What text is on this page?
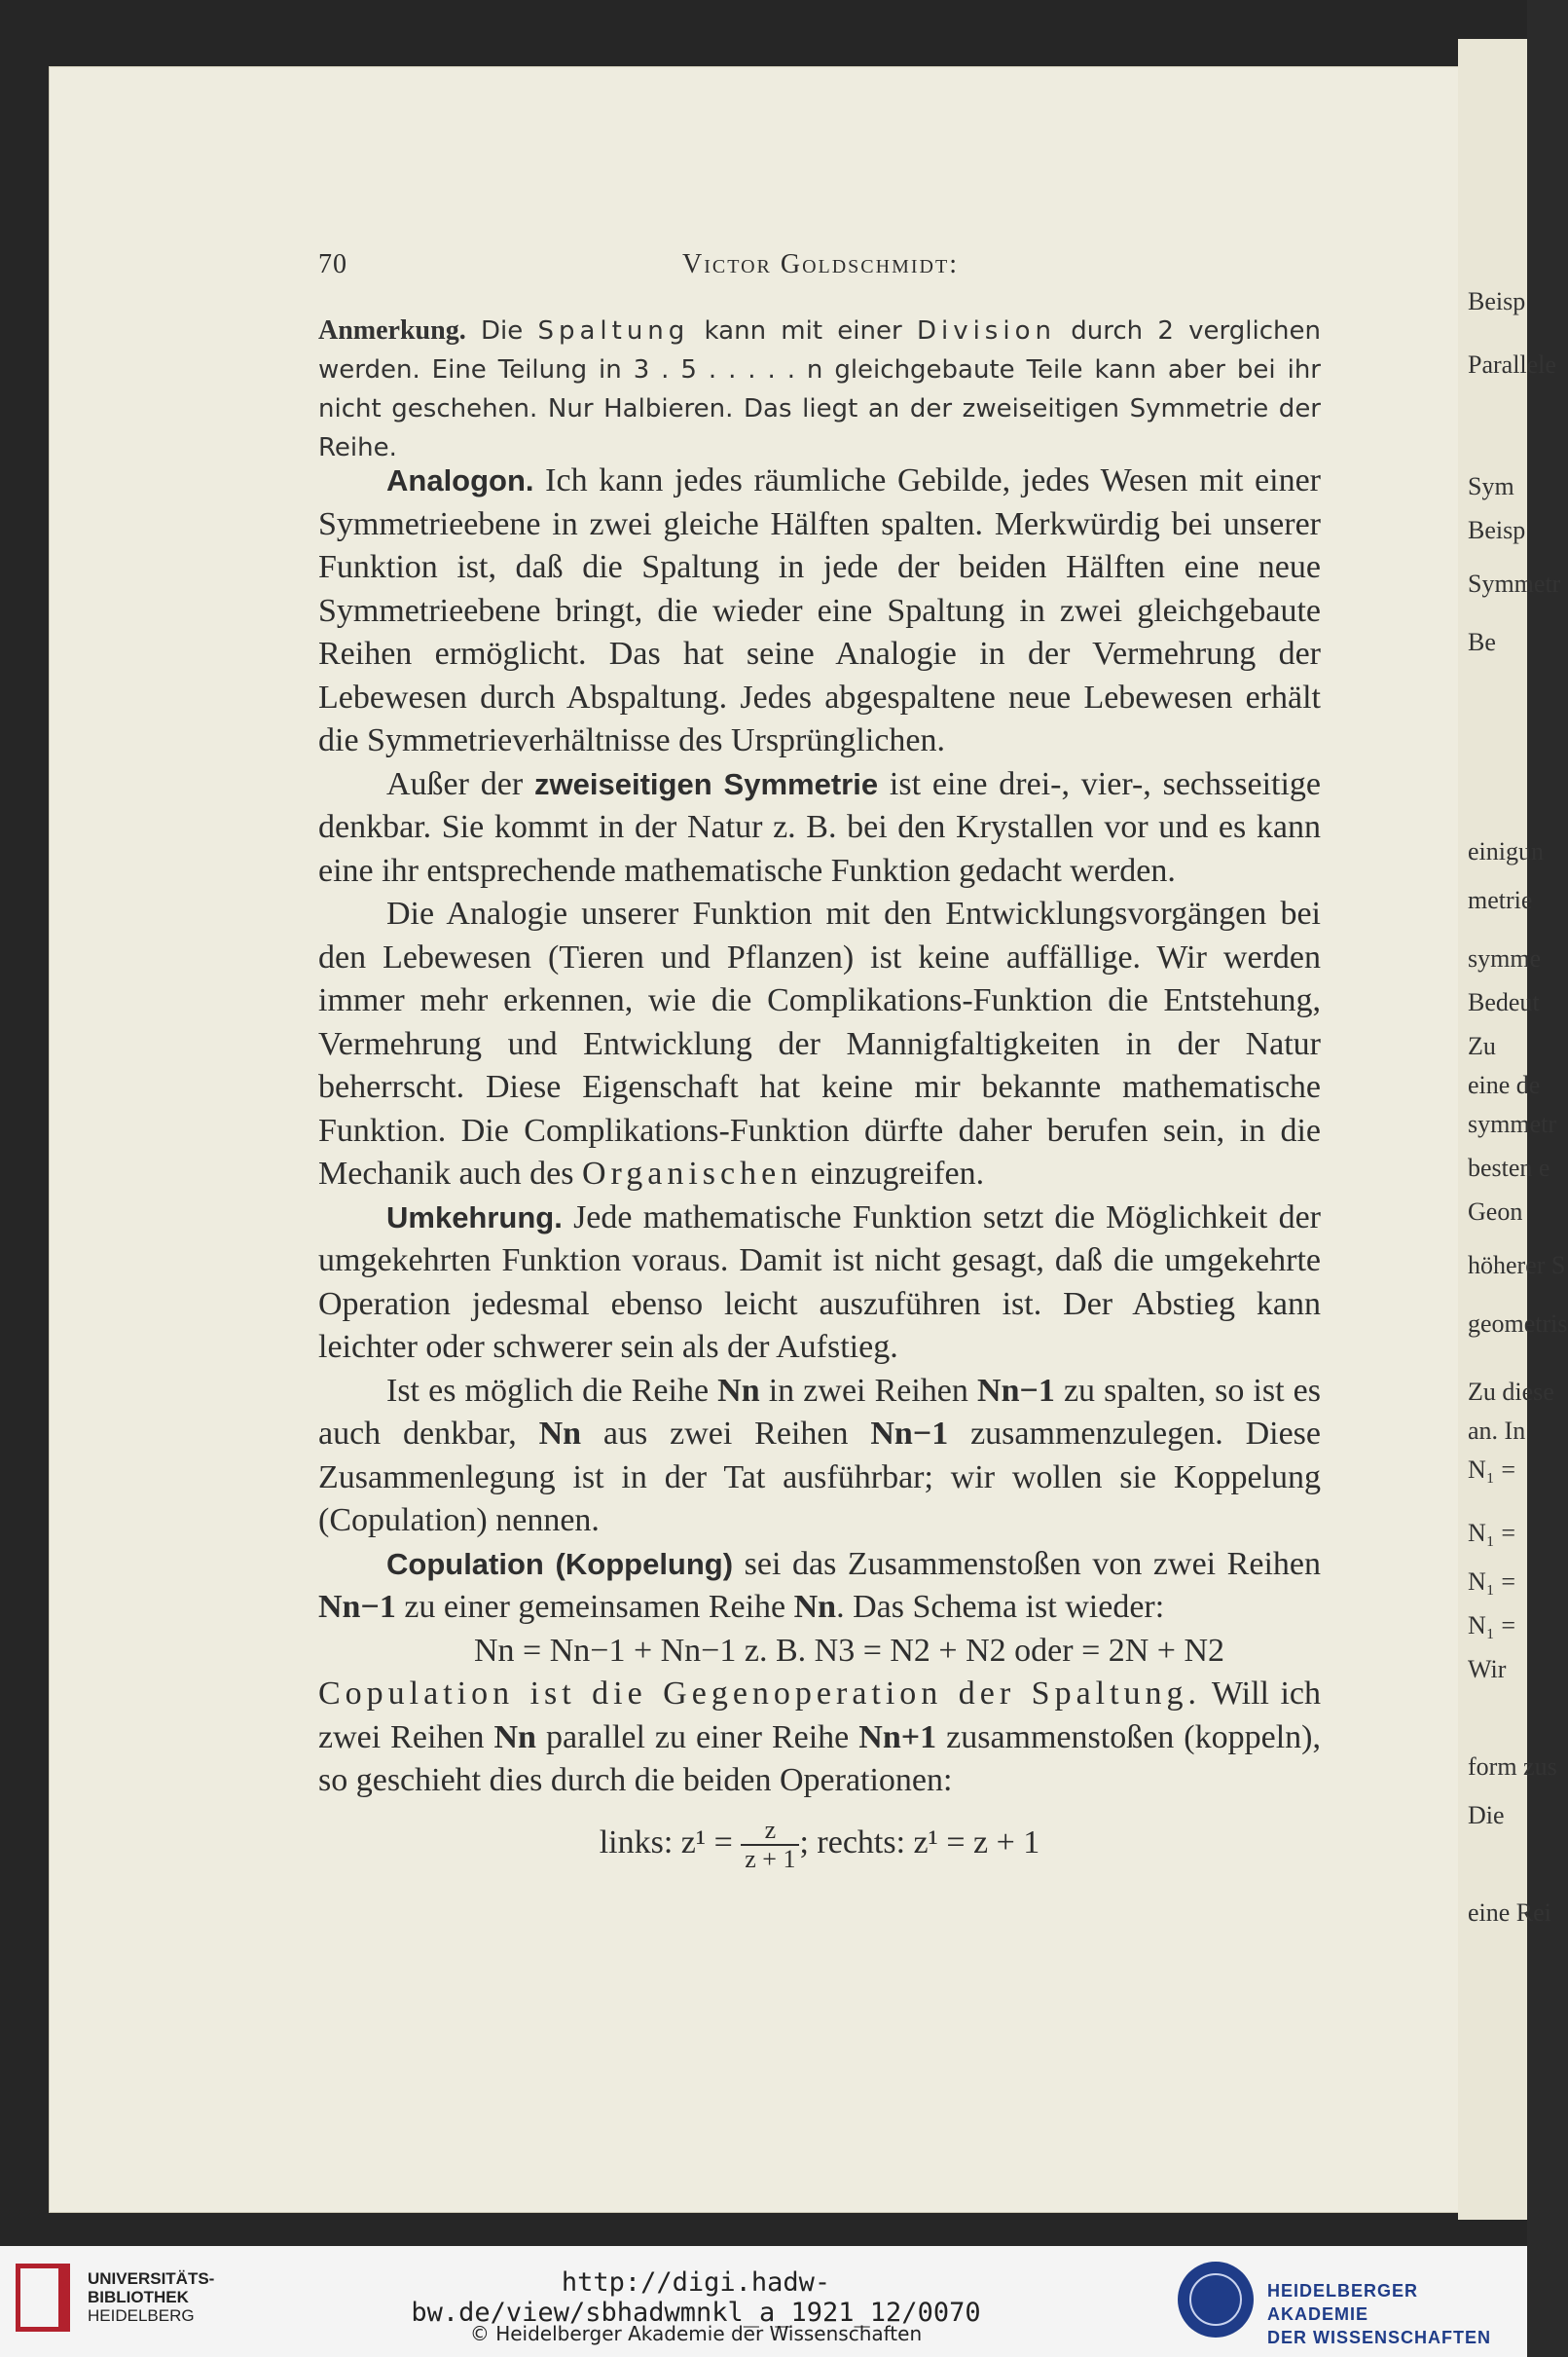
Beisp
Parallele
Sym
Beisp
Symmetr
Be
einigun
metrie
symme
Bedeut
Zu
eine de
symmetr
besten e
Geon
höherer S
geometris
Zu diese
an. In
N₁ =
N₁ =
N₁ =
N₁ =
Wir
form zus
Die
eine Rei
70	Victor Goldschmidt:
Anmerkung. Die Spaltung kann mit einer Division durch 2 verglichen werden. Eine Teilung in 3 . 5 . . . . . n gleichgebaute Teile kann aber bei ihr nicht geschehen. Nur Halbieren. Das liegt an der zweiseitigen Symmetrie der Reihe.

Analogon. Ich kann jedes räumliche Gebilde, jedes Wesen mit einer Symmetrieebene in zwei gleiche Hälften spalten. Merkwürdig bei unserer Funktion ist, daß die Spaltung in jede der beiden Hälften eine neue Symmetrieebene bringt, die wieder eine Spaltung in zwei gleichgebaute Reihen ermöglicht. Das hat seine Analogie in der Vermehrung der Lebewesen durch Abspaltung. Jedes abgespaltene neue Lebewesen erhält die Symmetrieverhältnisse des Ursprünglichen.

Außer der zweiseitigen Symmetrie ist eine drei-, vier-, sechsseitige denkbar. Sie kommt in der Natur z. B. bei den Krystallen vor und es kann eine ihr entsprechende mathematische Funktion gedacht werden.

Die Analogie unserer Funktion mit den Entwicklungsvorgängen bei den Lebewesen (Tieren und Pflanzen) ist keine auffällige. Wir werden immer mehr erkennen, wie die Complikations-Funktion die Entstehung, Vermehrung und Entwicklung der Mannigfaltigkeiten in der Natur beherrscht. Diese Eigenschaft hat keine mir bekannte mathematische Funktion. Die Complikations-Funktion dürfte daher berufen sein, in die Mechanik auch des Organischen einzugreifen.

Umkehrung. Jede mathematische Funktion setzt die Möglichkeit der umgekehrten Funktion voraus. Damit ist nicht gesagt, daß die umgekehrte Operation jedesmal ebenso leicht auszuführen ist. Der Abstieg kann leichter oder schwerer sein als der Aufstieg.

Ist es möglich die Reihe Nn in zwei Reihen Nn−1 zu spalten, so ist es auch denkbar, Nn aus zwei Reihen Nn−1 zusammenzulegen. Diese Zusammenlegung ist in der Tat ausführbar; wir wollen sie Koppelung (Copulation) nennen.

Copulation (Koppelung) sei das Zusammenstoßen von zwei Reihen Nn−1 zu einer gemeinsamen Reihe Nn. Das Schema ist wieder:

Nn = Nn−1 + Nn−1 z. B. N3 = N2 + N2 oder = 2N + N2

Copulation ist die Gegenoperation der Spaltung. Will ich zwei Reihen Nn parallel zu einer Reihe Nn+1 zusammenstoßen (koppeln), so geschieht dies durch die beiden Operationen:

links: $z^1 = \frac{z}{z + 1}$ ; rechts: z¹ = z + 1
UNIVERSITÄTS-
BIBLIOTHEK
HEIDELBERG
http://digi.hadw-bw.de/view/sbhadwmnkl_a_1921_12/0070
© Heidelberger Akademie der Wissenschaften
HEIDELBERGER AKADEMIE
DER WISSENSCHAFTEN
